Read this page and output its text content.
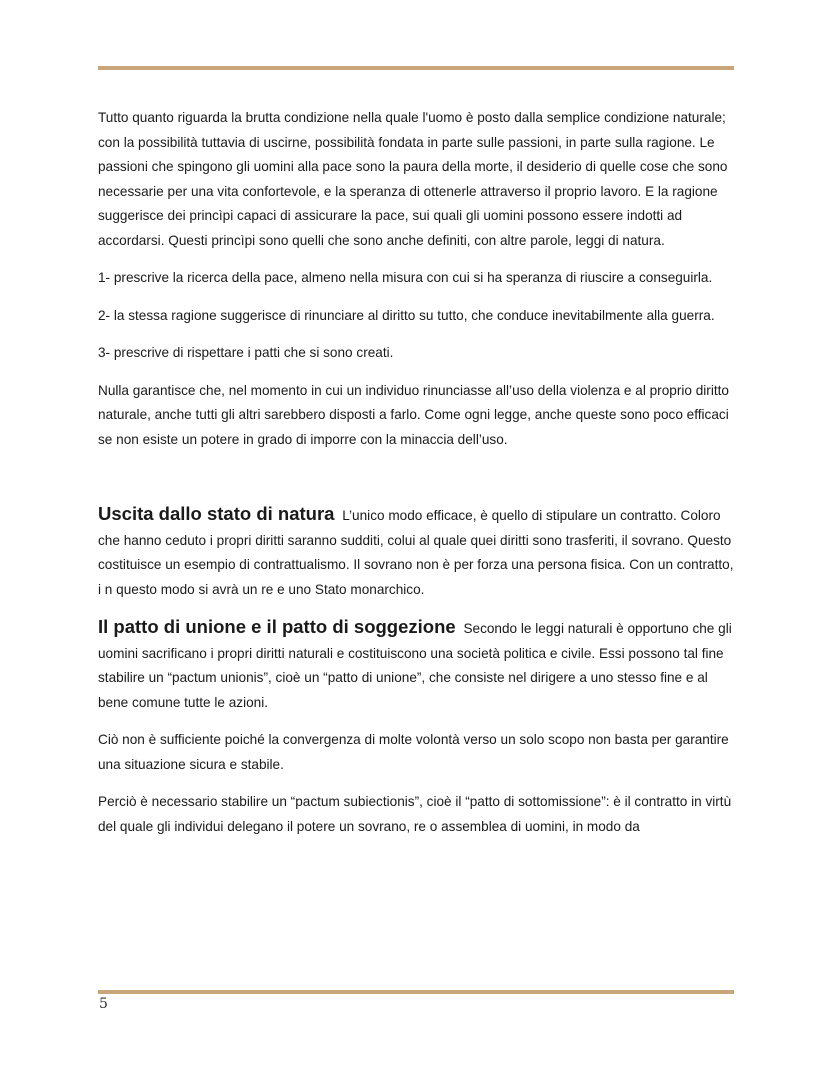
Tutto quanto riguarda la brutta condizione nella quale l'uomo è posto dalla semplice condizione naturale; con la possibilità tuttavia di uscirne, possibilità fondata in parte sulle passioni, in parte sulla ragione. Le passioni che spingono gli uomini alla pace sono la paura della morte, il desiderio di quelle cose che sono necessarie per una vita confortevole, e la speranza di ottenerle attraverso il proprio lavoro. E la ragione suggerisce dei princìpi capaci di assicurare la pace, sui quali gli uomini possono essere indotti ad accordarsi. Questi princìpi sono quelli che sono anche definiti, con altre parole, leggi di natura.

1- prescrive la ricerca della pace, almeno nella misura con cui si ha speranza di riuscire a conseguirla.

2- la stessa ragione suggerisce di rinunciare al diritto su tutto, che conduce inevitabilmente alla guerra.

3- prescrive di rispettare i patti che si sono creati.

Nulla garantisce che, nel momento in cui un individuo rinunciasse all’uso della violenza e al proprio diritto naturale, anche tutti gli altri sarebbero disposti a farlo. Come ogni legge, anche queste sono poco efficaci se non esiste un potere in grado di imporre con la minaccia dell’uso.

Uscita dallo stato di natura L’unico modo efficace, è quello di stipulare un contratto. Coloro che hanno ceduto i propri diritti saranno sudditi, colui al quale quei diritti sono trasferiti, il sovrano. Questo costituisce un esempio di contrattualismo. Il sovrano non è per forza una persona fisica. Con un contratto, i n questo modo si avrà un re e uno Stato monarchico.

Il patto di unione e il patto di soggezione Secondo le leggi naturali è opportuno che gli uomini sacrificano i propri diritti naturali e costituiscono una società politica e civile. Essi possono tal fine stabilire un “pactum unionis”, cioè un “patto di unione”, che consiste nel dirigere a uno stesso fine e al bene comune tutte le azioni.

Ciò non è sufficiente poiché la convergenza di molte volontà verso un solo scopo non basta per garantire una situazione sicura e stabile.

Perciò è necessario stabilire un “pactum subiectionis”, cioè il “patto di sottomissione”: è il contratto in virtù del quale gli individui delegano il potere un sovrano, re o assemblea di uomini, in modo da

5
